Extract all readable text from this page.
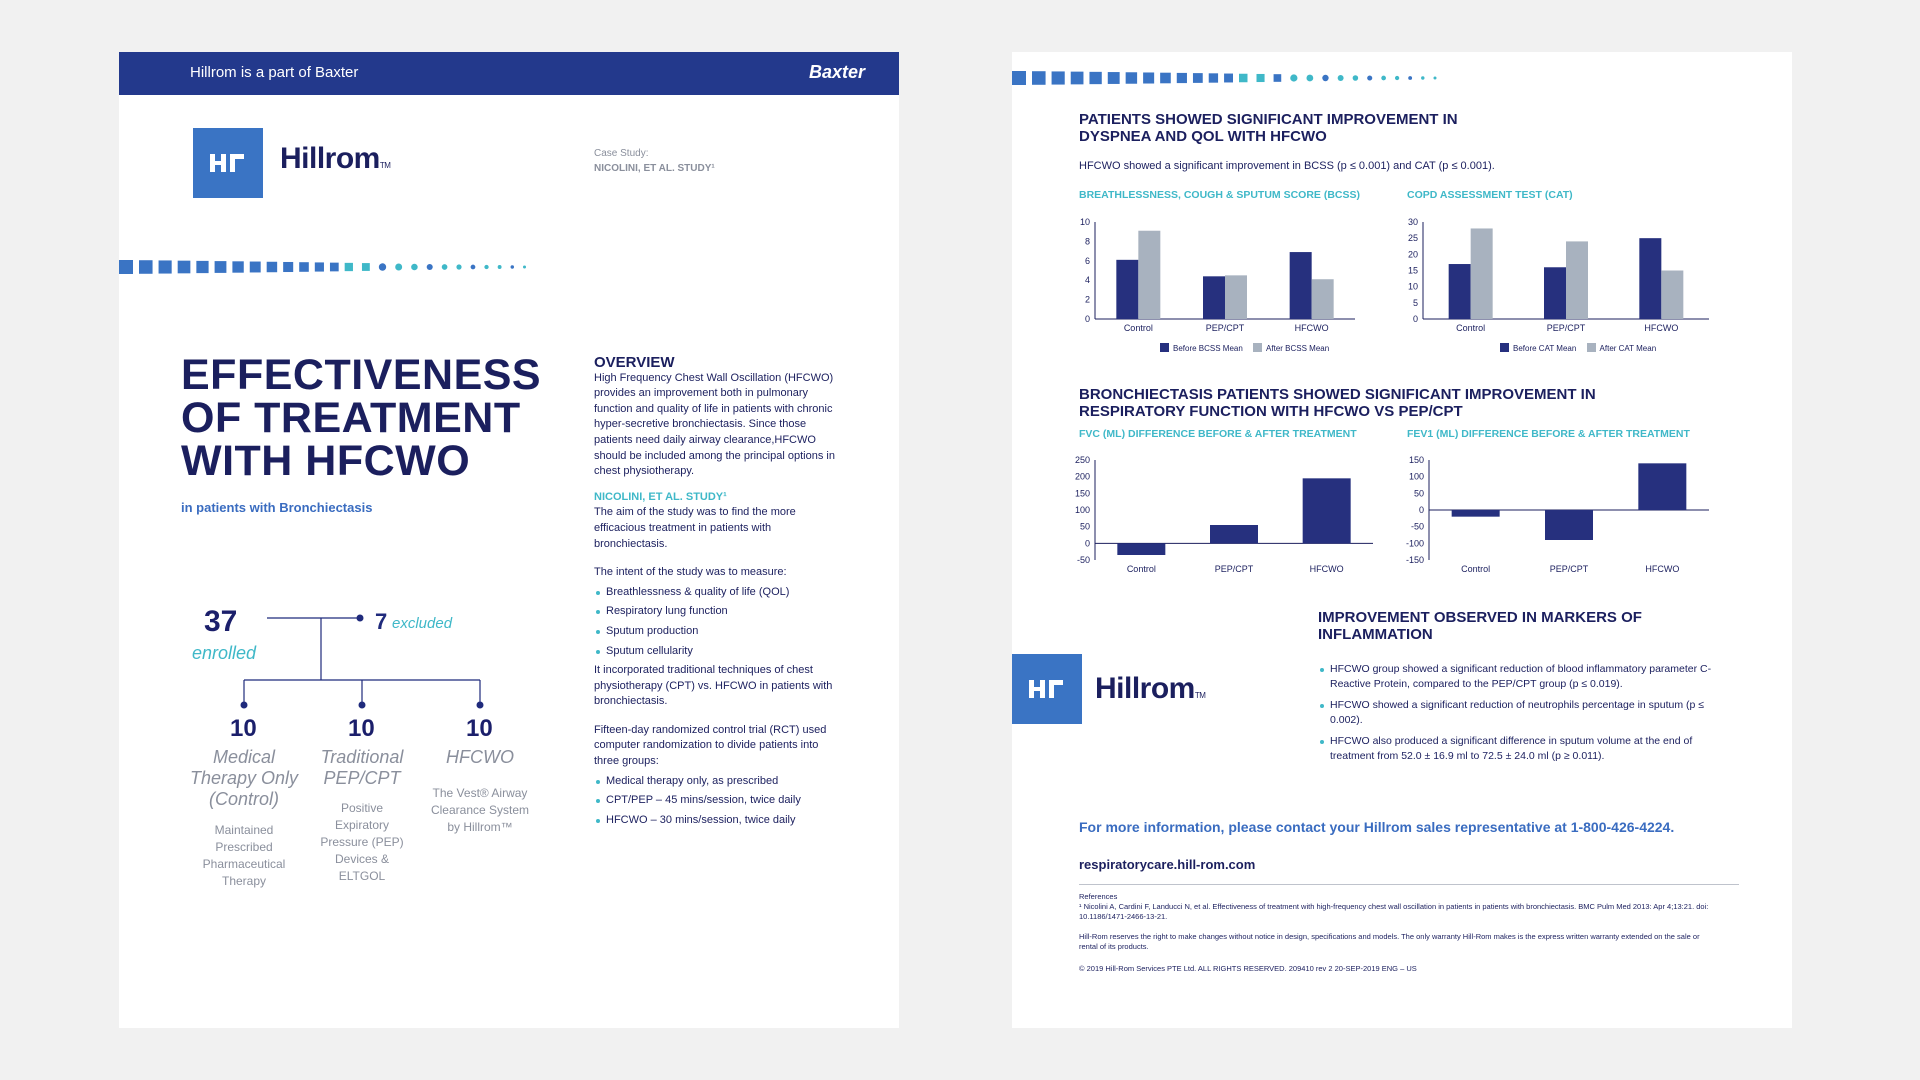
Hillrom is a part of Baxter	Baxter
HillromTM
Case Study:
NICOLINI, ET AL. STUDY¹
EFFECTIVENESS OF TREATMENT WITH HFCWO
in patients with Bronchiectasis
37
enrolled
7 excluded
10	10	10
Medical Therapy Only (Control)
Traditional PEP/CPT
HFCWO
Maintained Prescribed Pharmaceutical Therapy
Positive Expiratory Pressure (PEP) Devices & ELTGOL
The Vest® Airway Clearance System by Hillrom™
OVERVIEW

High Frequency Chest Wall Oscillation (HFCWO) provides an improvement both in pulmonary function and quality of life in patients with chronic hyper-secretive bronchiectasis. Since those patients need daily airway clearance,HFCWO should be included among the principal options in chest physiotherapy.

NICOLINI, ET AL. STUDY¹

The aim of the study was to find the more efficacious treatment in patients with bronchiectasis.

The intent of the study was to measure:

Breathlessness & quality of life (QOL)
Respiratory lung function
Sputum production
Sputum cellularity

It incorporated traditional techniques of chest physiotherapy (CPT) vs. HFCWO in patients with bronchiectasis.

Fifteen-day randomized control trial (RCT) used computer randomization to divide patients into three groups:

Medical therapy only, as prescribed
CPT/PEP – 45 mins/session, twice daily
HFCWO – 30 mins/session, twice daily
PATIENTS SHOWED SIGNIFICANT IMPROVEMENT IN DYSPNEA AND QOL WITH HFCWO
HFCWO showed a significant improvement in BCSS (p ≤ 0.001) and CAT (p ≤ 0.001).
BREATHLESSNESS, COUGH & SPUTUM SCORE (BCSS)	COPD ASSESSMENT TEST (CAT)
0
2
4
6
8
10
Control	PEP/CPT	HFCWO
0
5
10
15
20
25
30
Control	PEP/CPT	HFCWO
Before BCSS Mean	After BCSS Mean	Before CAT Mean	After CAT Mean
BRONCHIECTASIS PATIENTS SHOWED SIGNIFICANT IMPROVEMENT IN RESPIRATORY FUNCTION WITH HFCWO VS PEP/CPT
FVC (ML) DIFFERENCE BEFORE & AFTER TREATMENT	FEV1 (ML) DIFFERENCE BEFORE & AFTER TREATMENT
-50
0
50
100
150
200
250
Control	PEP/CPT	HFCWO
-150
-100
-50
0
50
100
150
Control	PEP/CPT	HFCWO
HillromTM
IMPROVEMENT OBSERVED IN MARKERS OF INFLAMMATION
HFCWO group showed a significant reduction of blood inflammatory parameter C-Reactive Protein, compared to the PEP/CPT group (p ≤ 0.019).
HFCWO showed a significant reduction of neutrophils percentage in sputum (p ≤ 0.002).
HFCWO also produced a significant difference in sputum volume at the end of treatment from 52.0 ± 16.9 ml to 72.5 ± 24.0 ml (p ≥ 0.011).
For more information, please contact your Hillrom sales representative at 1-800-426-4224.
respiratorycare.hill-rom.com
References
¹ Nicolini A, Cardini F, Landucci N, et al. Effectiveness of treatment with high-frequency chest wall oscillation in patients in patients with bronchiectasis. BMC Pulm Med 2013: Apr 4;13:21. doi: 10.1186/1471-2466-13-21.
Hill-Rom reserves the right to make changes without notice in design, specifications and models. The only warranty Hill-Rom makes is the express written warranty extended on the sale or rental of its products.
© 2019 Hill-Rom Services PTE Ltd. ALL RIGHTS RESERVED. 209410 rev 2 20-SEP-2019 ENG – US
